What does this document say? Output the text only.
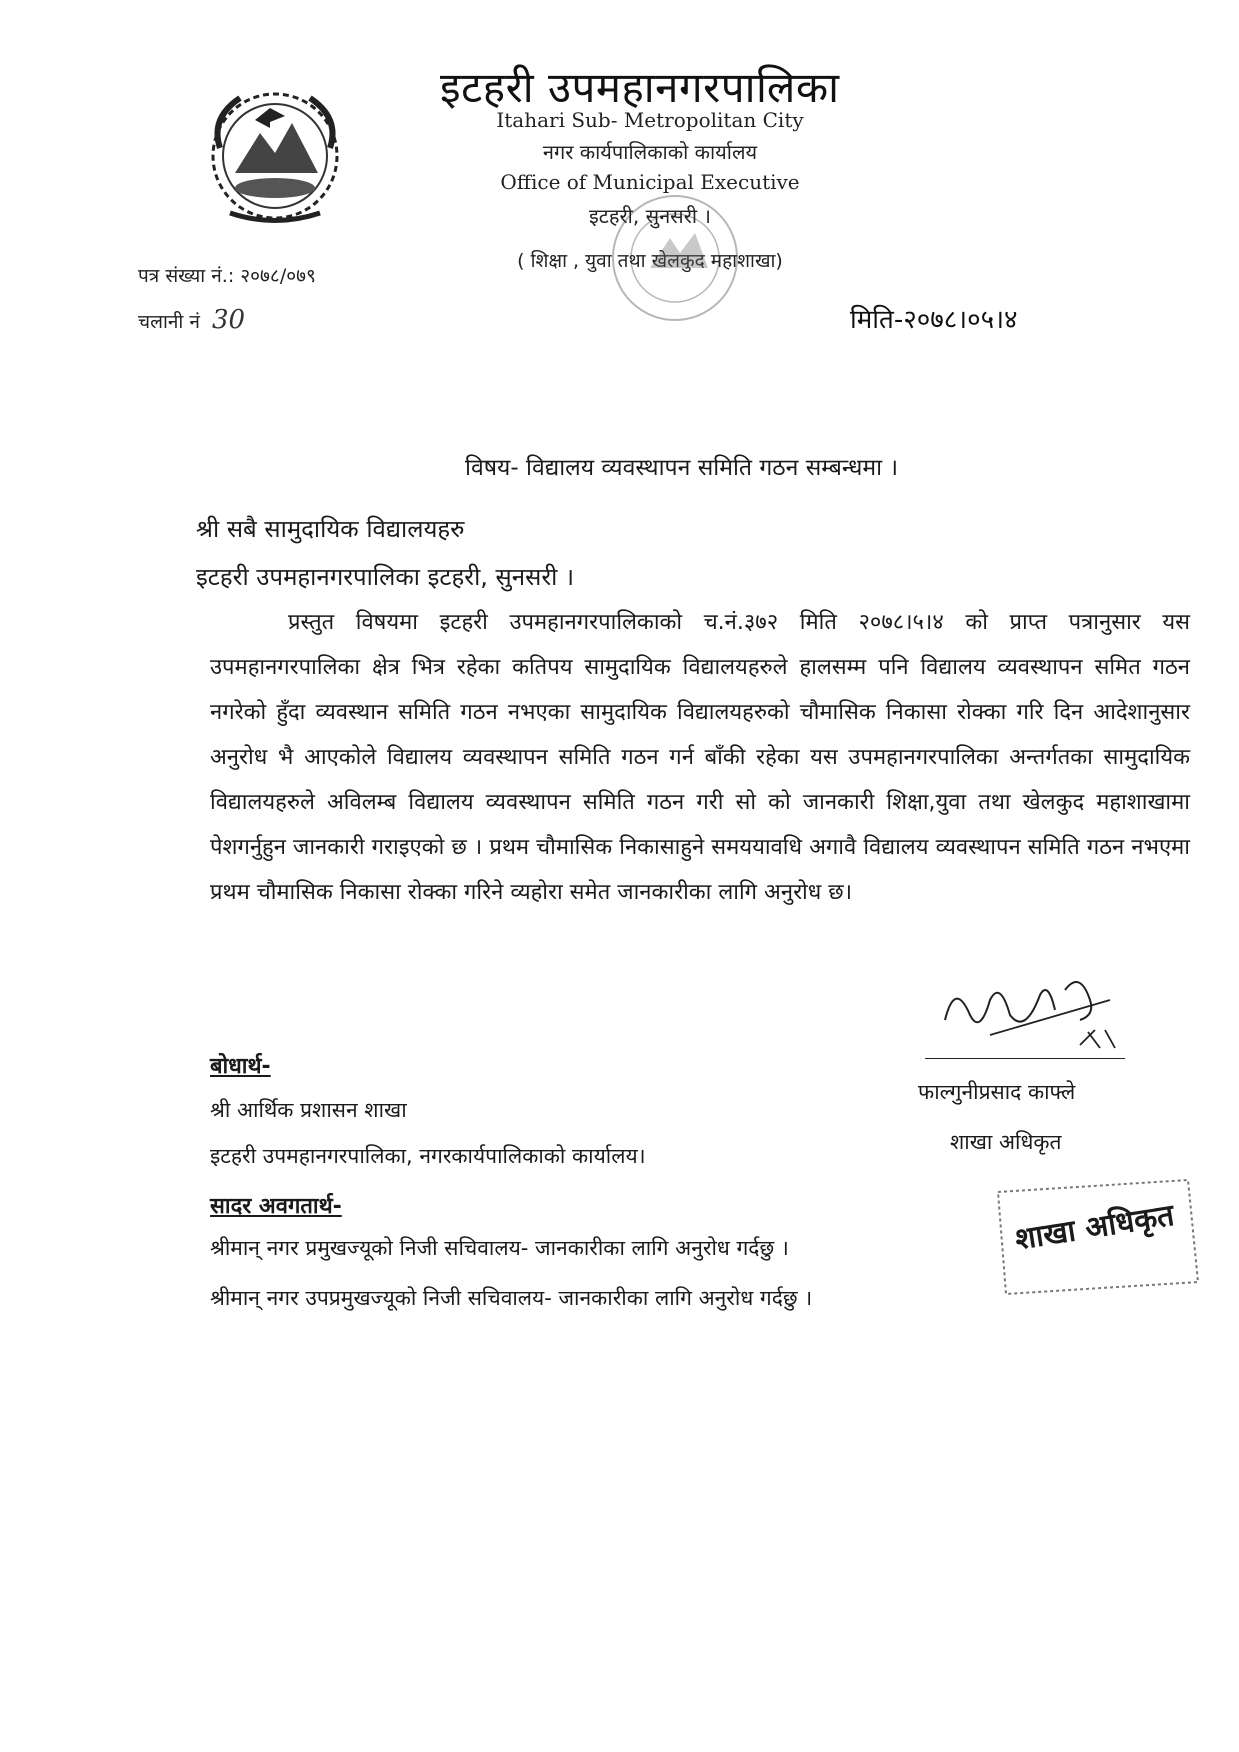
इटहरी उपमहानगरपालिका
Itahari Sub- Metropolitan City
नगर कार्यपालिकाको कार्यालय
Office of Municipal Executive
इटहरी, सुनसरी ।
( शिक्षा , युवा तथा खेलकुद महाशाखा)
पत्र संख्या नं.: २०७८/०७९
चलानी नं 30	मिति-२०७८।०५।४
विषय- विद्यालय व्यवस्थापन समिति गठन सम्बन्धमा ।
श्री सबै सामुदायिक विद्यालयहरु
इटहरी उपमहानगरपालिका इटहरी, सुनसरी ।
प्रस्तुत विषयमा इटहरी उपमहानगरपालिकाको च.नं.३७२ मिति २०७८।५।४ को प्राप्त पत्रानुसार यस उपमहानगरपालिका क्षेत्र भित्र रहेका कतिपय सामुदायिक विद्यालयहरुले हालसम्म पनि विद्यालय व्यवस्थापन समित गठन नगरेको हुँदा व्यवस्थान समिति गठन नभएका सामुदायिक विद्यालयहरुको चौमासिक निकासा रोक्का गरि दिन आदेशानुसार अनुरोध भै आएकोले विद्यालय व्यवस्थापन समिति गठन गर्न बाँकी रहेका यस उपमहानगरपालिका अन्तर्गतका सामुदायिक विद्यालयहरुले अविलम्ब विद्यालय व्यवस्थापन समिति गठन गरी सो को जानकारी शिक्षा,युवा तथा खेलकुद महाशाखामा पेशगर्नुहुन जानकारी गराइएको छ । प्रथम चौमासिक निकासाहुने समययावधि अगावै विद्यालय व्यवस्थापन समिति गठन नभएमा प्रथम चौमासिक निकासा रोक्का गरिने व्यहोरा समेत जानकारीका लागि अनुरोध छ।
फाल्गुनीप्रसाद काफ्ले
शाखा अधिकृत
शाखा अधिकृत
बोधार्थ-
श्री आर्थिक प्रशासन शाखा
इटहरी उपमहानगरपालिका, नगरकार्यपालिकाको कार्यालय।
सादर अवगतार्थ-
श्रीमान् नगर प्रमुखज्यूको निजी सचिवालय- जानकारीका लागि अनुरोध गर्दछु ।
श्रीमान् नगर उपप्रमुखज्यूको निजी सचिवालय- जानकारीका लागि अनुरोध गर्दछु ।
